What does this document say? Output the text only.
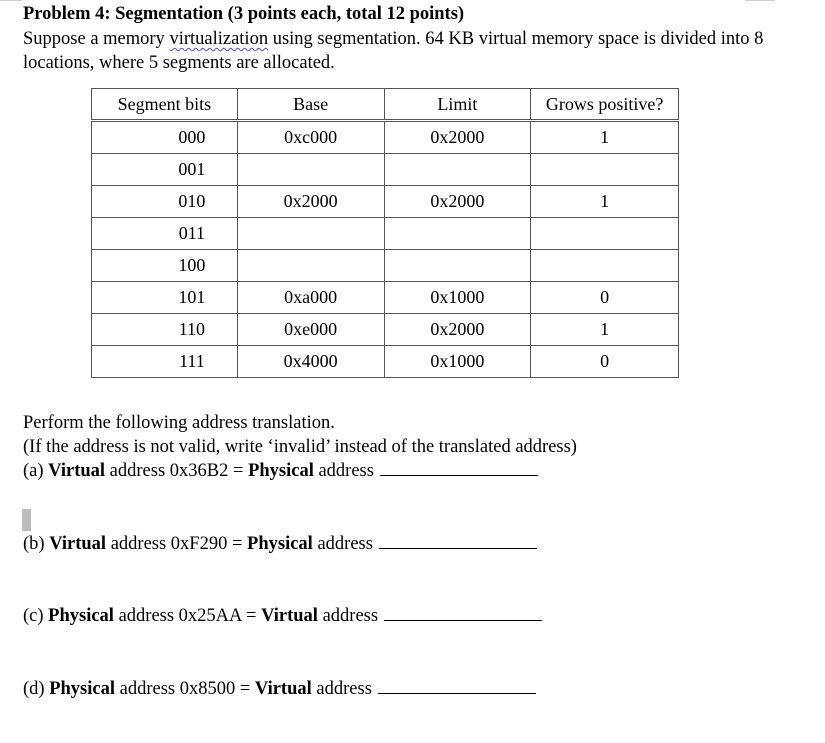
Problem 4: Segmentation (3 points each, total 12 points)
Suppose a memory virtualization using segmentation. 64 KB virtual memory space is divided into 8 locations, where 5 segments are allocated.
Segment bits	Base	Limit	Grows positive?
000	0xc000	0x2000	1
001			
010	0x2000	0x2000	1
011			
100			
101	0xa000	0x1000	0
110	0xe000	0x2000	1
111	0x4000	0x1000	0
Perform the following address translation.
(If the address is not valid, write ‘invalid’ instead of the translated address)
(a) Virtual address 0x36B2 = Physical address
(b) Virtual address 0xF290 = Physical address
(c) Physical address 0x25AA = Virtual address
(d) Physical address 0x8500 = Virtual address
